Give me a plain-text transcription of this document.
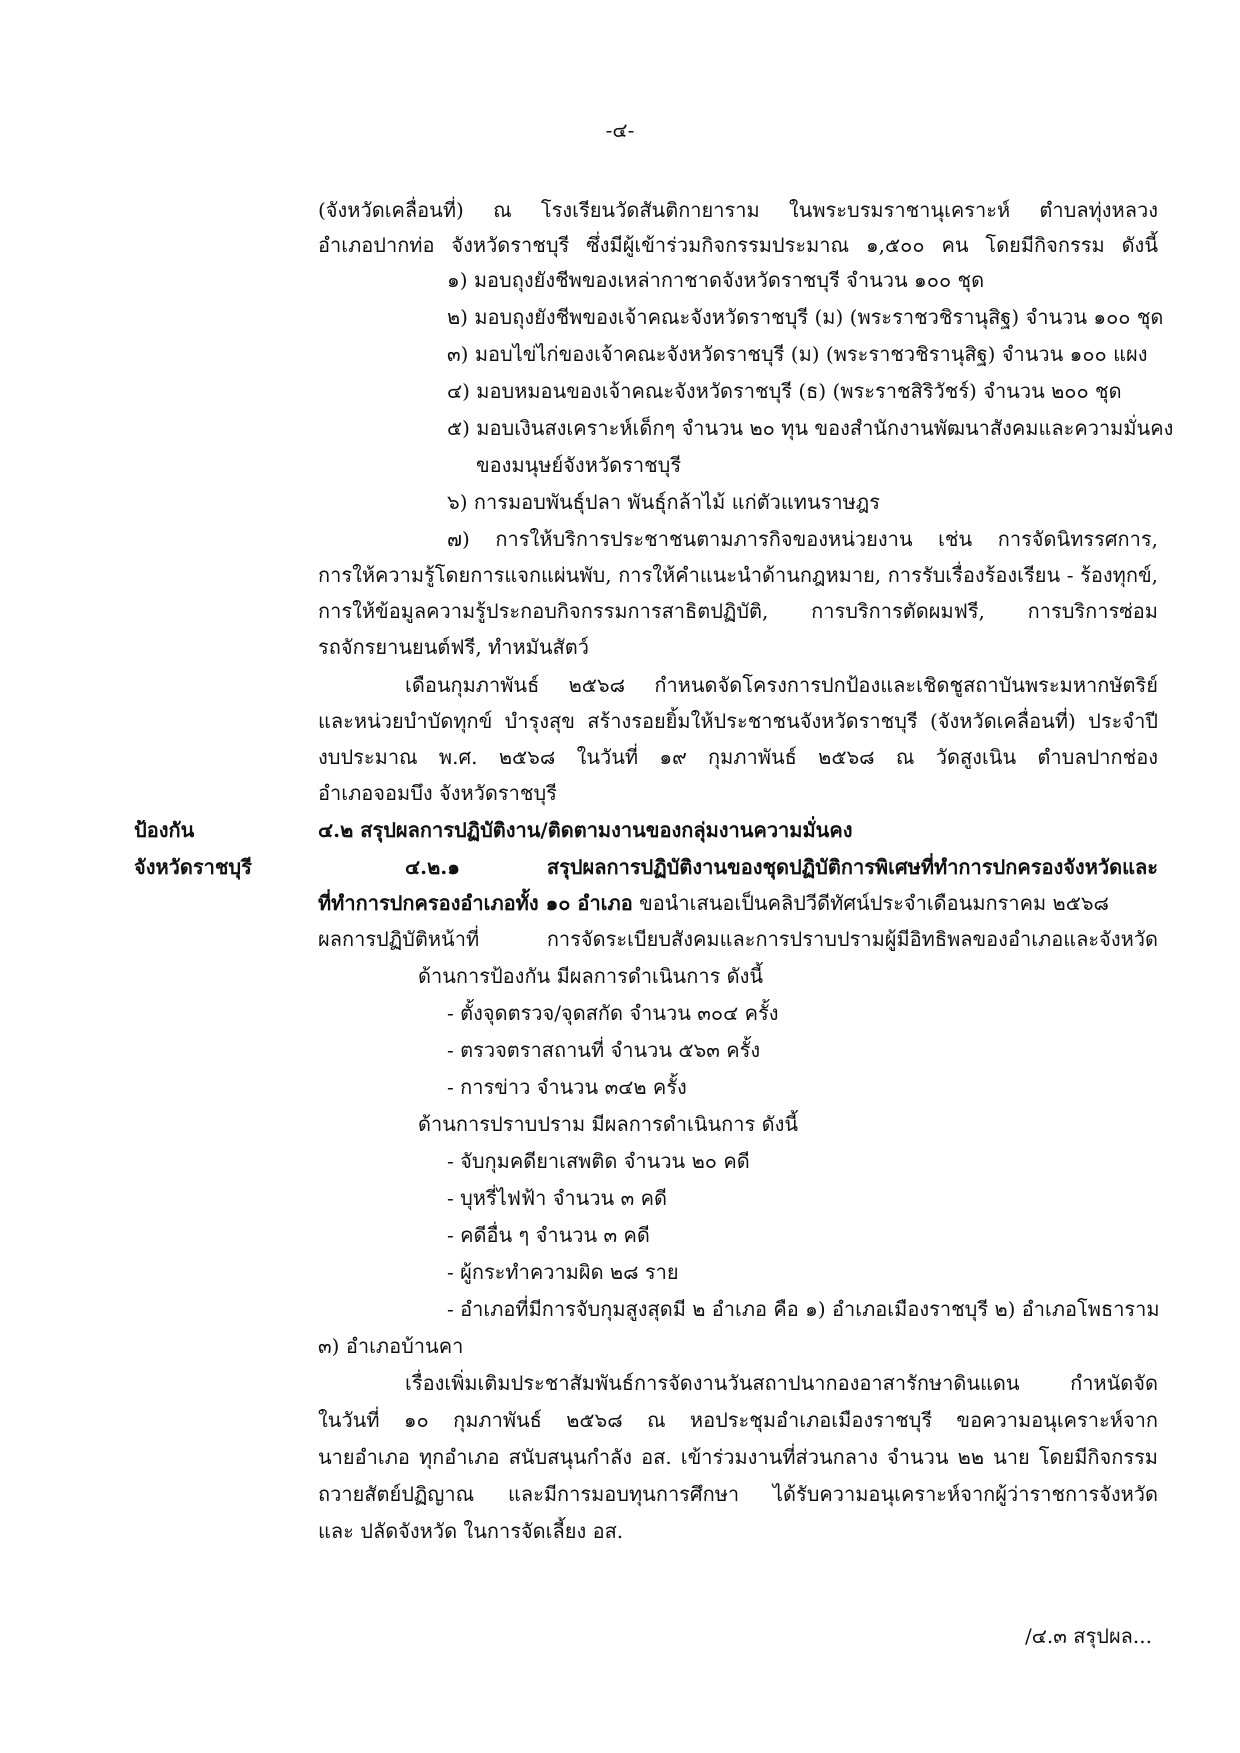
-๔-
(จังหวัดเคลื่อนที่) ณ โรงเรียนวัดสันติกายาราม ในพระบรมราชานุเคราะห์ ตำบลทุ่งหลวง
อำเภอปากท่อ จังหวัดราชบุรี ซึ่งมีผู้เข้าร่วมกิจกรรมประมาณ ๑,๕๐๐ คน โดยมีกิจกรรม ดังนี้
๑) มอบถุงยังชีพของเหล่ากาชาดจังหวัดราชบุรี จำนวน ๑๐๐ ชุด
๒) มอบถุงยังชีพของเจ้าคณะจังหวัดราชบุรี (ม) (พระราชวชิรานุสิฐ) จำนวน ๑๐๐ ชุด
๓) มอบไข่ไก่ของเจ้าคณะจังหวัดราชบุรี (ม) (พระราชวชิรานุสิฐ) จำนวน ๑๐๐ แผง
๔) มอบหมอนของเจ้าคณะจังหวัดราชบุรี (ธ) (พระราชสิริวัชร์) จำนวน ๒๐๐ ชุด
๕) มอบเงินสงเคราะห์เด็กๆ จำนวน ๒๐ ทุน ของสำนักงานพัฒนาสังคมและความมั่นคง
ของมนุษย์จังหวัดราชบุรี
๖) การมอบพันธุ์ปลา พันธุ์กล้าไม้ แก่ตัวแทนราษฎร
๗) การให้บริการประชาชนตามภารกิจของหน่วยงาน เช่น การจัดนิทรรศการ,
การให้ความรู้โดยการแจกแผ่นพับ, การให้คำแนะนำด้านกฎหมาย, การรับเรื่องร้องเรียน - ร้องทุกข์,
การให้ข้อมูลความรู้ประกอบกิจกรรมการสาธิตปฏิบัติ, การบริการตัดผมฟรี, การบริการซ่อม
รถจักรยานยนต์ฟรี, ทำหมันสัตว์
เดือนกุมภาพันธ์ ๒๕๖๘ กำหนดจัดโครงการปกป้องและเชิดชูสถาบันพระมหากษัตริย์
และหน่วยบำบัดทุกข์ บำรุงสุข สร้างรอยยิ้มให้ประชาชนจังหวัดราชบุรี (จังหวัดเคลื่อนที่) ประจำปี
งบประมาณ พ.ศ. ๒๕๖๘ ในวันที่ ๑๙ กุมภาพันธ์ ๒๕๖๘ ณ วัดสูงเนิน ตำบลปากช่อง
อำเภอจอมบึง จังหวัดราชบุรี
ป้องกัน
จังหวัดราชบุรี
๔.๒ สรุปผลการปฏิบัติงาน/ติดตามงานของกลุ่มงานความมั่นคง
๔.๒.๑ สรุปผลการปฏิบัติงานของชุดปฏิบัติการพิเศษที่ทำการปกครองจังหวัดและ
ที่ทำการปกครองอำเภอทั้ง ๑๐ อำเภอ ขอนำเสนอเป็นคลิปวีดีทัศน์ประจำเดือนมกราคม ๒๕๖๘
ผลการปฏิบัติหน้าที่ การจัดระเบียบสังคมและการปราบปรามผู้มีอิทธิพลของอำเภอและจังหวัด
ด้านการป้องกัน มีผลการดำเนินการ ดังนี้
- ตั้งจุดตรวจ/จุดสกัด จำนวน ๓๐๔ ครั้ง
- ตรวจตราสถานที่ จำนวน ๕๖๓ ครั้ง
- การข่าว จำนวน ๓๔๒ ครั้ง
ด้านการปราบปราม มีผลการดำเนินการ ดังนี้
- จับกุมคดียาเสพติด จำนวน ๒๐ คดี
- บุหรี่ไฟฟ้า จำนวน ๓ คดี
- คดีอื่น ๆ จำนวน ๓ คดี
- ผู้กระทำความผิด ๒๘ ราย
- อำเภอที่มีการจับกุมสูงสุดมี ๒ อำเภอ คือ ๑) อำเภอเมืองราชบุรี ๒) อำเภอโพธาราม
๓) อำเภอบ้านคา
เรื่องเพิ่มเติมประชาสัมพันธ์การจัดงานวันสถาปนากองอาสารักษาดินแดน กำหนัดจัด
ในวันที่ ๑๐ กุมภาพันธ์ ๒๕๖๘ ณ หอประชุมอำเภอเมืองราชบุรี ขอความอนุเคราะห์จาก
นายอำเภอ ทุกอำเภอ สนับสนุนกำลัง อส. เข้าร่วมงานที่ส่วนกลาง จำนวน ๒๒ นาย โดยมีกิจกรรม
ถวายสัตย์ปฏิญาณ และมีการมอบทุนการศึกษา ได้รับความอนุเคราะห์จากผู้ว่าราชการจังหวัด
และ ปลัดจังหวัด ในการจัดเลี้ยง อส.
/๔.๓ สรุปผล...
